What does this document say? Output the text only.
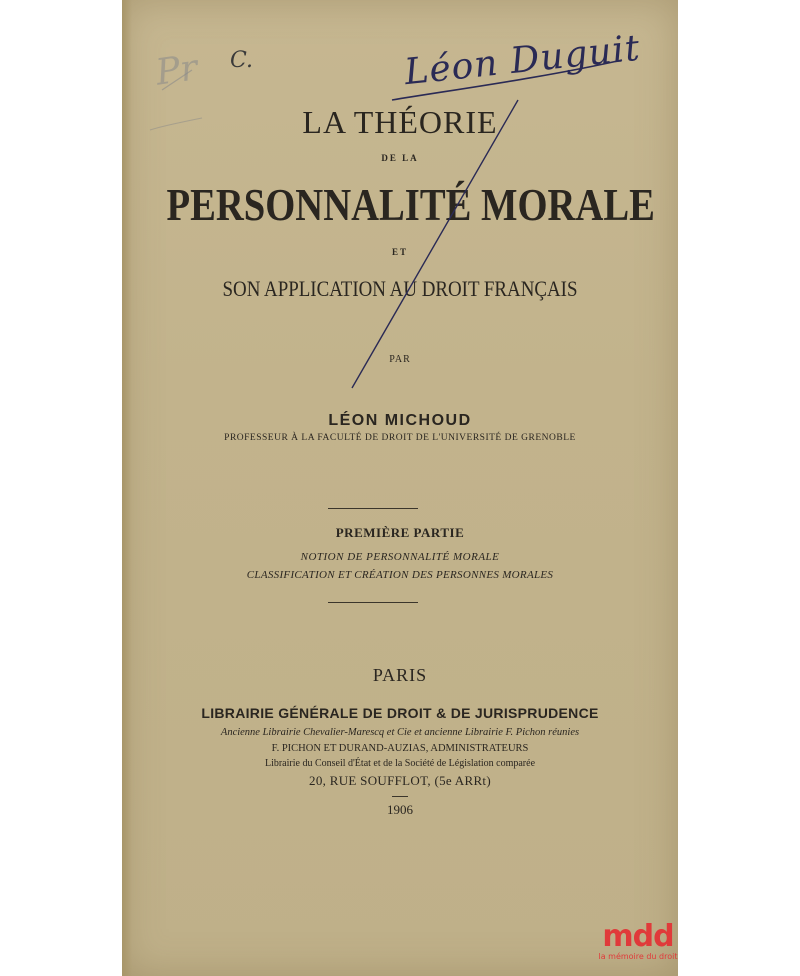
LA THÉORIE
DE LA
PERSONNALITÉ MORALE
ET
SON APPLICATION AU DROIT FRANÇAIS
PAR
LÉON MICHOUD
PROFESSEUR À LA FACULTÉ DE DROIT DE L'UNIVERSITÉ DE GRENOBLE
PREMIÈRE PARTIE
NOTION DE PERSONNALITÉ MORALE
CLASSIFICATION ET CRÉATION DES PERSONNES MORALES
PARIS
LIBRAIRIE GÉNÉRALE DE DROIT & DE JURISPRUDENCE
Ancienne Librairie Chevalier-Marescq et Cie et ancienne Librairie F. Pichon réunies
F. PICHON ET DURAND-AUZIAS, ADMINISTRATEURS
Librairie du Conseil d'État et de la Société de Législation comparée
20, RUE SOUFFLOT, (5e ARRt)
1906
Pr C.	Léon Duguit
mdd
la mémoire du droit
